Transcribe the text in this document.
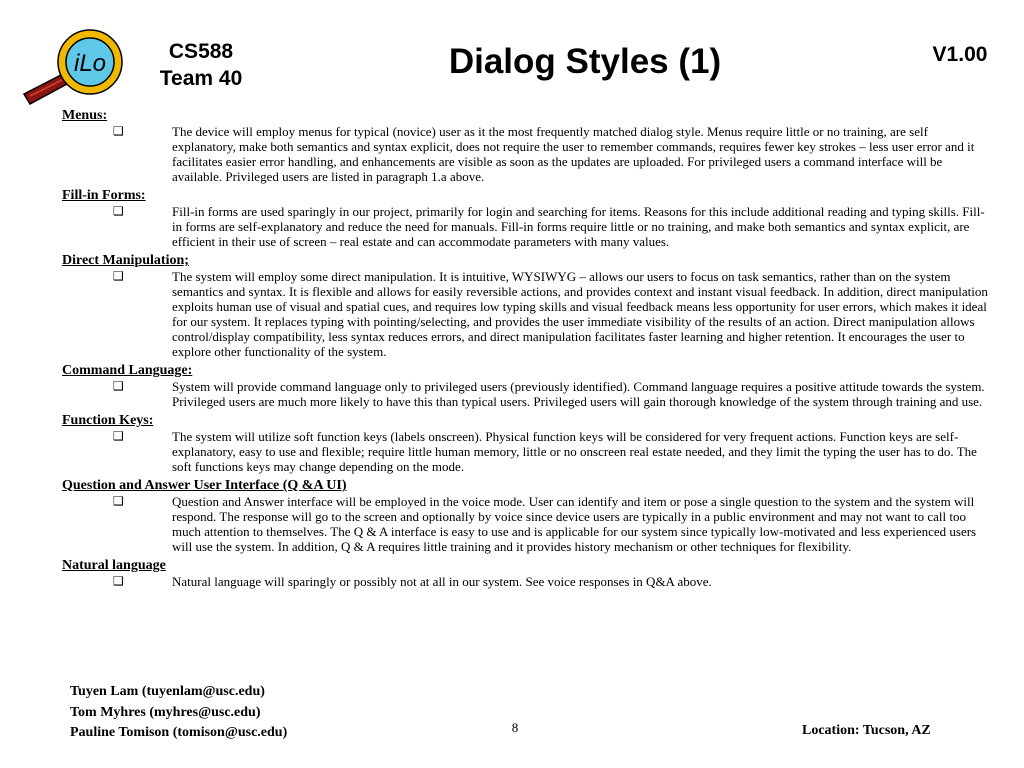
iLo	CS588
Team 40	Dialog Styles (1)	V1.00
Menus:
❑	The device will employ menus for typical (novice) user as it the most frequently matched dialog style. Menus require little or no training, are self explanatory, make both semantics and syntax explicit, does not require the user to remember commands, requires fewer key strokes – less user error and it facilitates easier error handling, and enhancements are visible as soon as the updates are uploaded. For privileged users a command interface will be available. Privileged users are listed in paragraph 1.a above.
Fill-in Forms:
❑	Fill-in forms are used sparingly in our project, primarily for login and searching for items. Reasons for this include additional reading and typing skills. Fill-in forms are self-explanatory and reduce the need for manuals. Fill-in forms require little or no training, and make both semantics and syntax explicit, are efficient in their use of screen – real estate and can accommodate parameters with many values.
Direct Manipulation;
❑	The system will employ some direct manipulation. It is intuitive, WYSIWYG – allows our users to focus on task semantics, rather than on the system semantics and syntax. It is flexible and allows for easily reversible actions, and provides context and instant visual feedback. In addition, direct manipulation exploits human use of visual and spatial cues, and requires low typing skills and visual feedback means less opportunity for user errors, which makes it ideal for our system. It replaces typing with pointing/selecting, and provides the user immediate visibility of the results of an action. Direct manipulation allows control/display compatibility, less syntax reduces errors, and direct manipulation facilitates faster learning and higher retention. It encourages the user to explore other functionality of the system.
Command Language:
❑	System will provide command language only to privileged users (previously identified). Command language requires a positive attitude towards the system. Privileged users are much more likely to have this than typical users. Privileged users will gain thorough knowledge of the system through training and use.
Function Keys:
❑	The system will utilize soft function keys (labels onscreen). Physical function keys will be considered for very frequent actions. Function keys are self-explanatory, easy to use and flexible; require little human memory, little or no onscreen real estate needed, and they limit the typing the user has to do. The soft functions keys may change depending on the mode.
Question and Answer User Interface (Q &A UI)
❑	Question and Answer interface will be employed in the voice mode. User can identify and item or pose a single question to the system and the system will respond. The response will go to the screen and optionally by voice since device users are typically in a public environment and may not want to call too much attention to themselves. The Q & A interface is easy to use and is applicable for our system since typically low-motivated and less experienced users will use the system. In addition, Q & A requires little training and it provides history mechanism or other techniques for flexibility.
Natural language
❑	Natural language will sparingly or possibly not at all in our system. See voice responses in Q&A above.
Tuyen Lam (tuyenlam@usc.edu)
Tom Myhres (myhres@usc.edu)
Pauline Tomison (tomison@usc.edu)	8	Location: Tucson, AZ
